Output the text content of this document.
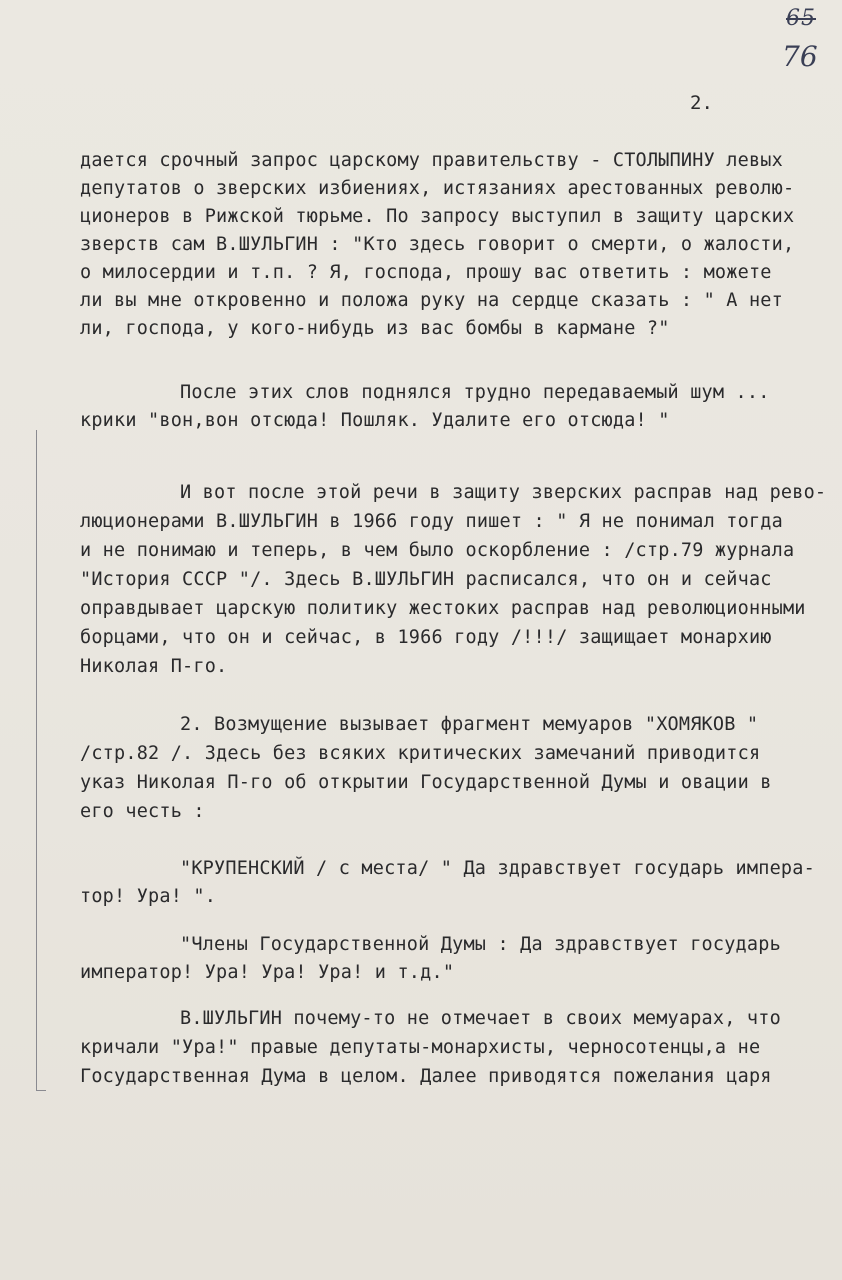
65
76
2.
дается срочный запрос царскому правительству - СТОЛЫПИНУ левых
депутатов о зверских избиениях, истязаниях арестованных револю-
ционеров в Рижской тюрьме. По запросу выступил в защиту царских
зверств сам В.ШУЛЬГИН : "Кто здесь говорит о смерти, о жалости,
о милосердии и т.п. ? Я, господа, прошу вас ответить : можете
ли вы мне откровенно и положа руку на сердце сказать : " А нет
ли, господа, у кого-нибудь из вас бомбы в кармане ?"
После этих слов поднялся трудно передаваемый шум ...
крики "вон,вон отсюда! Пошляк. Удалите его отсюда! "
И вот после этой речи в защиту зверских расправ над рево-
люционерами В.ШУЛЬГИН в 1966 году пишет : " Я не понимал тогда
и не понимаю и теперь, в чем было оскорбление : /стр.79 журнала
"История СССР "/. Здесь В.ШУЛЬГИН расписался, что он и сейчас
оправдывает царскую политику жестоких расправ над революционными
борцами, что он и сейчас, в 1966 году /!!!/ защищает монархию
Николая П-го.
2. Возмущение вызывает фрагмент мемуаров "ХОМЯКОВ "
/стр.82 /. Здесь без всяких критических замечаний приводится
указ Николая П-го об открытии Государственной Думы и овации в
его честь :
"КРУПЕНСКИЙ / с места/ " Да здравствует государь импера-
тор! Ура! ".
"Члены Государственной Думы : Да здравствует государь
император! Ура! Ура! Ура! и т.д."
В.ШУЛЬГИН почему-то не отмечает в своих мемуарах, что
кричали "Ура!" правые депутаты-монархисты, черносотенцы,а не
Государственная Дума в целом. Далее приводятся пожелания царя
